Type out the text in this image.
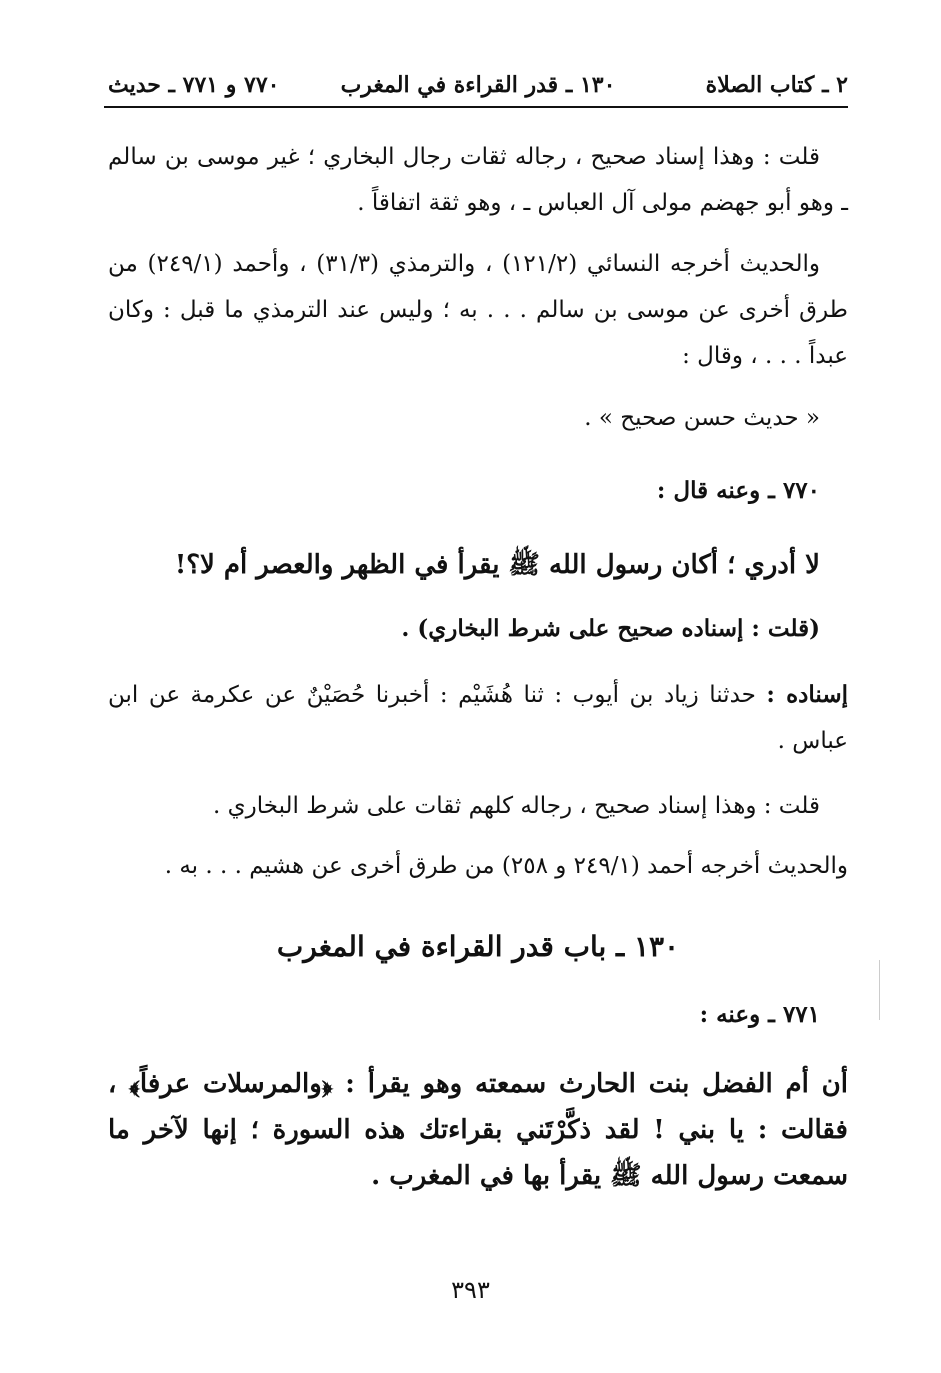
٢ ـ كتاب الصلاة
١٣٠ ـ قدر القراءة في المغرب
٧٧٠ و ٧٧١ ـ حديث

قلت : وهذا إسناد صحيح ، رجاله ثقات رجال البخاري ؛ غير موسى بن سالم ـ وهو أبو جهضم مولى آل العباس ـ ، وهو ثقة اتفاقاً .

والحديث أخرجه النسائي (١٢١/٢) ، والترمذي (٣١/٣) ، وأحمد (٢٤٩/١) من طرق أخرى عن موسى بن سالم . . . به ؛ وليس عند الترمذي ما قبل : وكان عبداً . . . ، وقال :

« حديث حسن صحيح » .

٧٧٠ ـ وعنه قال :

لا أدري ؛ أكان رسول الله ﷺ يقرأ في الظهر والعصر أم لا؟!

(قلت : إسناده صحيح على شرط البخاري) .

إسناده : حدثنا زياد بن أيوب : ثنا هُشَيْم : أخبرنا حُصَيْنٌ عن عكرمة عن ابن عباس .

قلت : وهذا إسناد صحيح ، رجاله كلهم ثقات على شرط البخاري .

والحديث أخرجه أحمد (٢٤٩/١ و ٢٥٨) من طرق أخرى عن هشيم . . . به .

١٣٠ ـ باب قدر القراءة في المغرب

٧٧١ ـ وعنه :

أن أم الفضل بنت الحارث سمعته وهو يقرأ : ﴿والمرسلات عرفاً﴾ ، فقالت : يا بني ! لقد ذكَّرْتَني بقراءتك هذه السورة ؛ إنها لآخر ما سمعت رسول الله ﷺ يقرأ بها في المغرب .

٣٩٣
